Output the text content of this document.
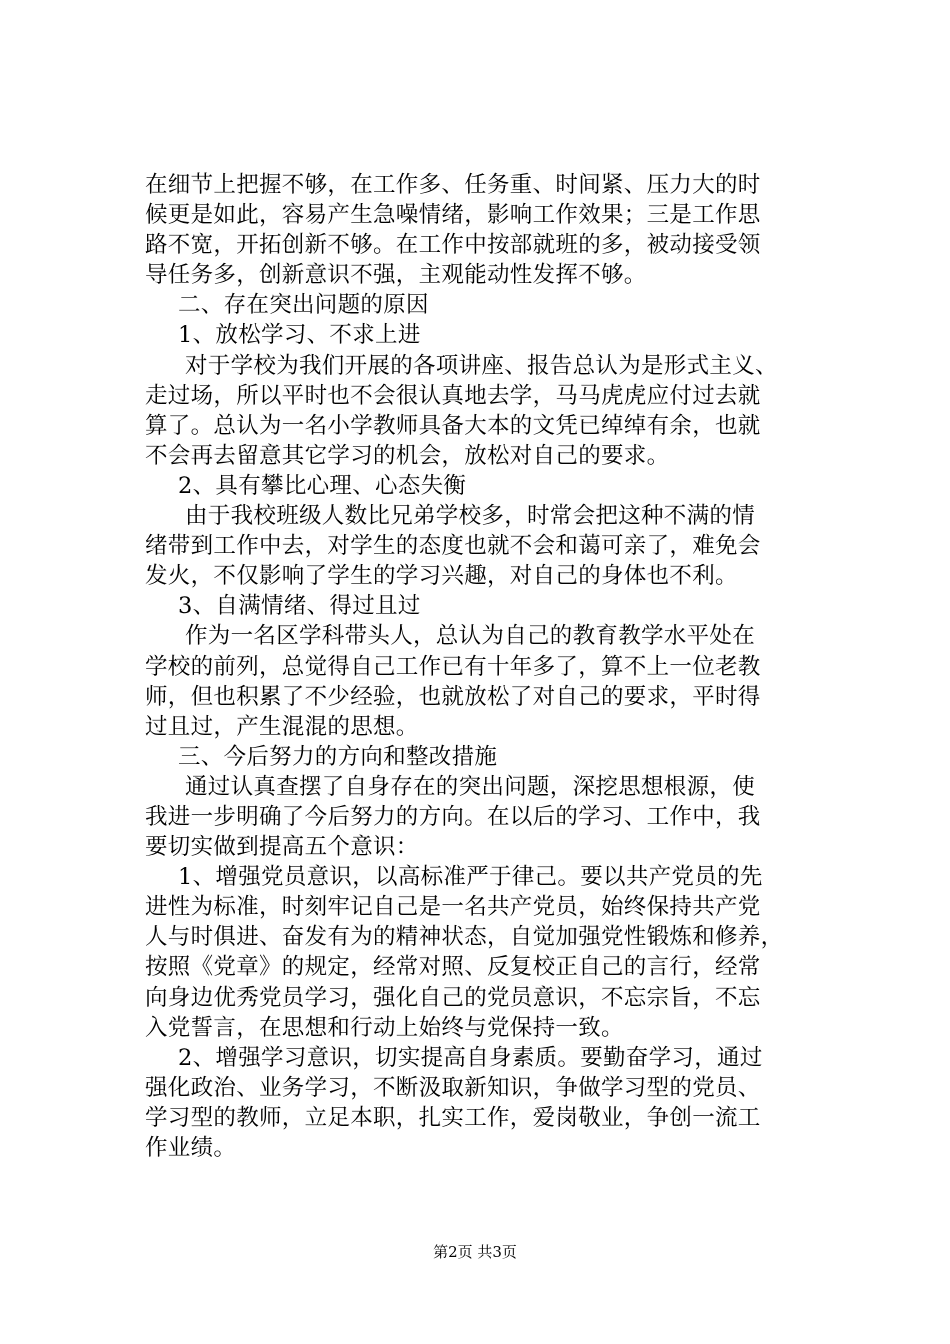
在细节上把握不够，在工作多、任务重、时间紧、压力大的时
候更是如此，容易产生急噪情绪，影响工作效果；三是工作思
路不宽，开拓创新不够。在工作中按部就班的多，被动接受领
导任务多，创新意识不强，主观能动性发挥不够。
二、存在突出问题的原因
1、放松学习、不求上进
对于学校为我们开展的各项讲座、报告总认为是形式主义、
走过场，所以平时也不会很认真地去学，马马虎虎应付过去就
算了。总认为一名小学教师具备大本的文凭已绰绰有余，也就
不会再去留意其它学习的机会，放松对自己的要求。
2、具有攀比心理、心态失衡
由于我校班级人数比兄弟学校多，时常会把这种不满的情
绪带到工作中去，对学生的态度也就不会和蔼可亲了，难免会
发火，不仅影响了学生的学习兴趣，对自己的身体也不利。
3、自满情绪、得过且过
作为一名区学科带头人，总认为自己的教育教学水平处在
学校的前列，总觉得自己工作已有十年多了，算不上一位老教
师，但也积累了不少经验，也就放松了对自己的要求，平时得
过且过，产生混混的思想。
三、今后努力的方向和整改措施
通过认真查摆了自身存在的突出问题，深挖思想根源，使
我进一步明确了今后努力的方向。在以后的学习、工作中，我
要切实做到提高五个意识：
1、增强党员意识，以高标准严于律己。要以共产党员的先
进性为标准，时刻牢记自己是一名共产党员，始终保持共产党
人与时俱进、奋发有为的精神状态，自觉加强党性锻炼和修养，
按照《党章》的规定，经常对照、反复校正自己的言行，经常
向身边优秀党员学习，强化自己的党员意识，不忘宗旨，不忘
入党誓言，在思想和行动上始终与党保持一致。
2、增强学习意识，切实提高自身素质。要勤奋学习，通过
强化政治、业务学习，不断汲取新知识，争做学习型的党员、
学习型的教师，立足本职，扎实工作，爱岗敬业，争创一流工
作业绩。
第2页 共3页
